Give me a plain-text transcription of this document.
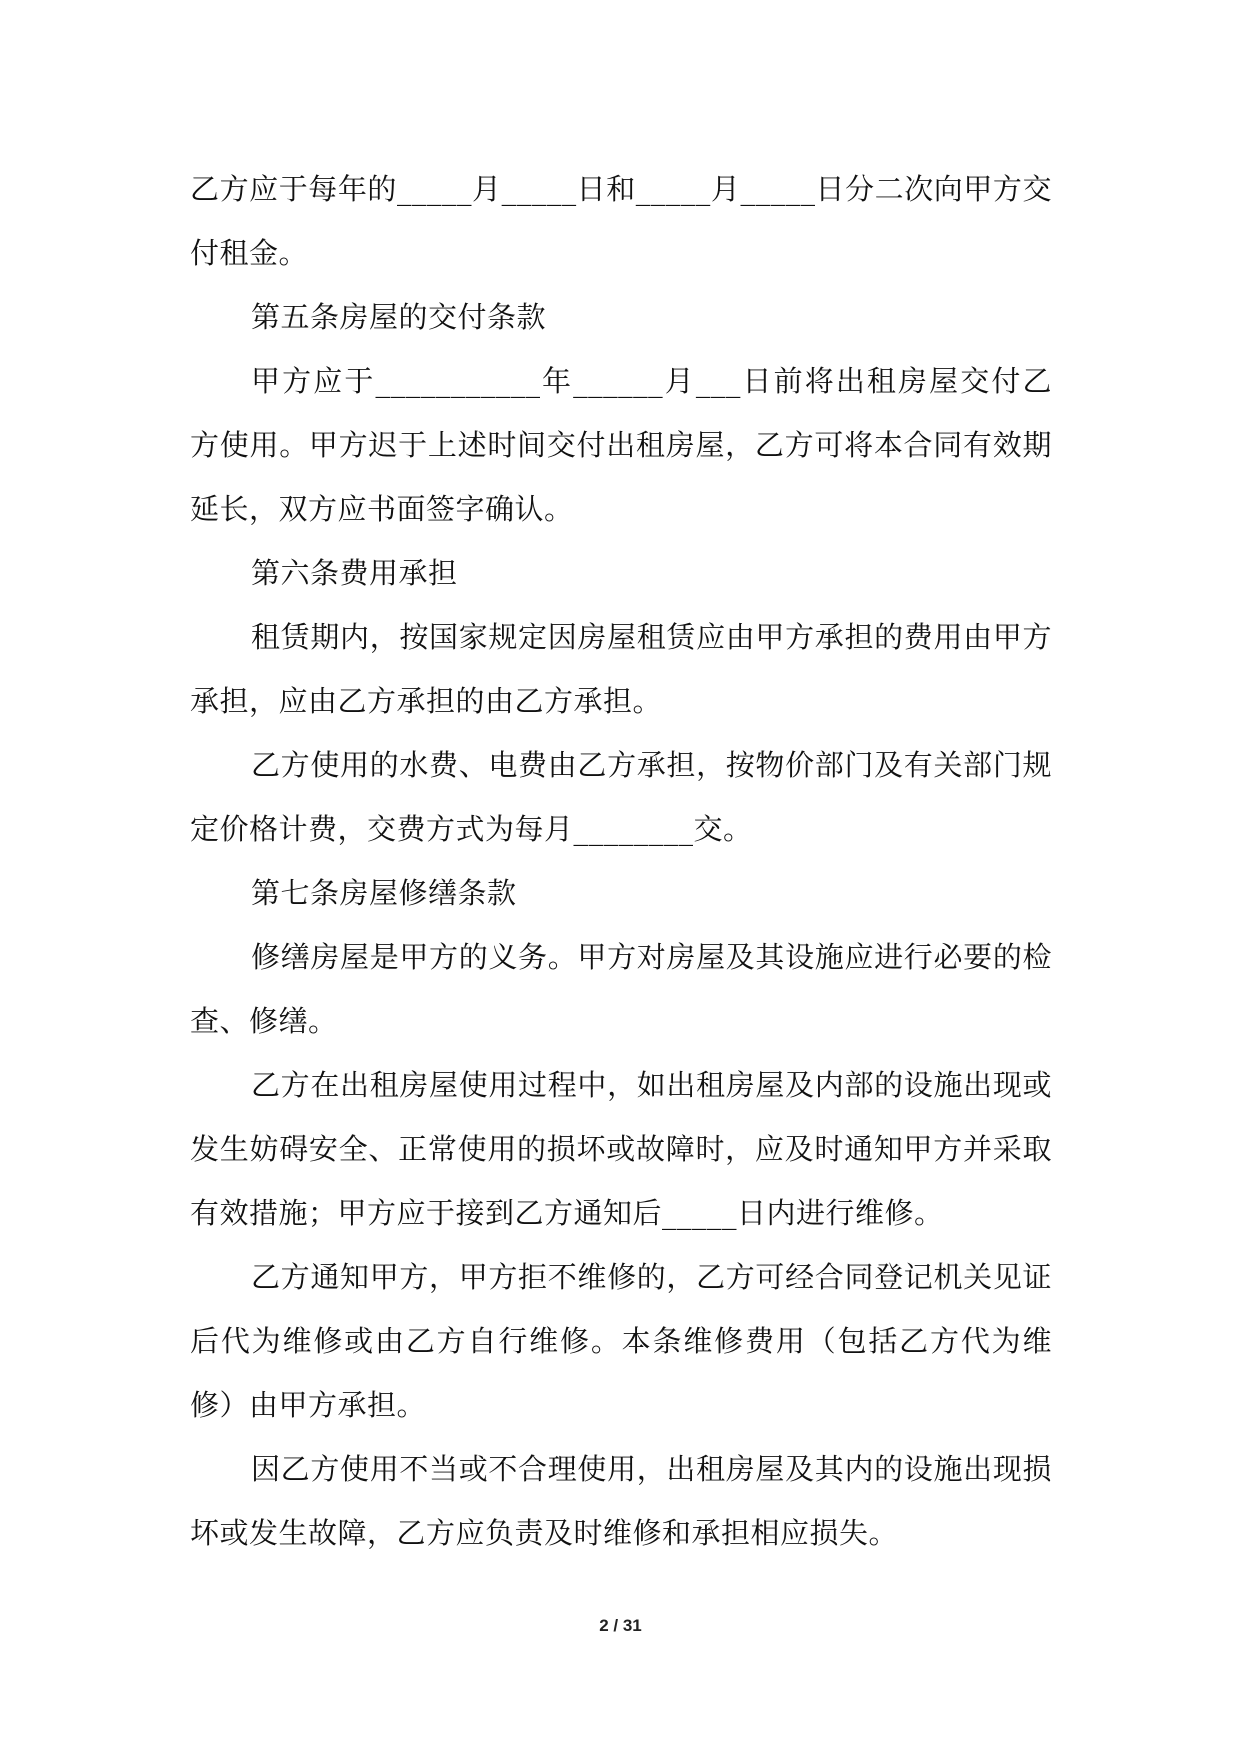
乙方应于每年的_____月_____日和_____月_____日分二次向甲方交付租金。

第五条房屋的交付条款

甲方应于___________年______月___日前将出租房屋交付乙方使用。甲方迟于上述时间交付出租房屋，乙方可将本合同有效期延长，双方应书面签字确认。

第六条费用承担

租赁期内，按国家规定因房屋租赁应由甲方承担的费用由甲方承担，应由乙方承担的由乙方承担。

乙方使用的水费、电费由乙方承担，按物价部门及有关部门规定价格计费，交费方式为每月________交。

第七条房屋修缮条款

修缮房屋是甲方的义务。甲方对房屋及其设施应进行必要的检查、修缮。

乙方在出租房屋使用过程中，如出租房屋及内部的设施出现或发生妨碍安全、正常使用的损坏或故障时，应及时通知甲方并采取有效措施；甲方应于接到乙方通知后_____日内进行维修。

乙方通知甲方，甲方拒不维修的，乙方可经合同登记机关见证后代为维修或由乙方自行维修。本条维修费用（包括乙方代为维修）由甲方承担。

因乙方使用不当或不合理使用，出租房屋及其内的设施出现损坏或发生故障，乙方应负责及时维修和承担相应损失。

2 / 31
